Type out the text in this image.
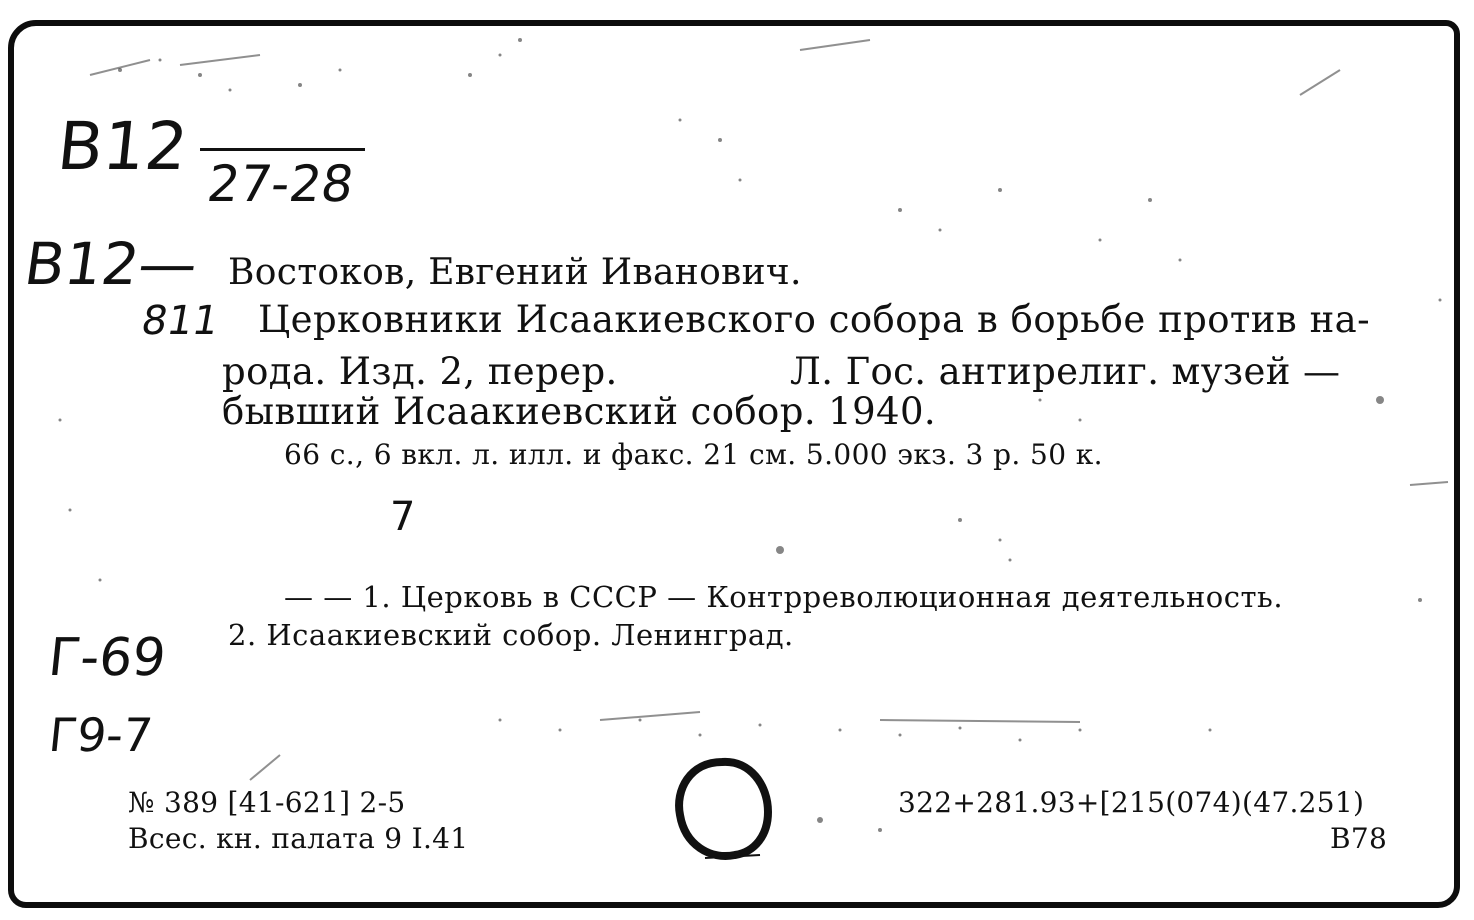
B12 27-28
B12—
811
7
Г-69
Г9-7
Востоков, Евгений Иванович.
Церковники Исаакиевского собора в борьбе против на-
рода. Изд. 2, перер.	Л. Гос. антирелиг. музей —
бывший Исаакиевский собор. 1940.
66 с., 6 вкл. л. илл. и факс. 21 см. 5.000 экз. 3 р. 50 к.
— — 1. Церковь в СССР — Контрреволюционная деятельность.
2. Исаакиевский собор. Ленинград.
№ 389 [41-621] 2-5
Всес. кн. палата 9 I.41
322+281.93+[215(074)(47.251)
В78
